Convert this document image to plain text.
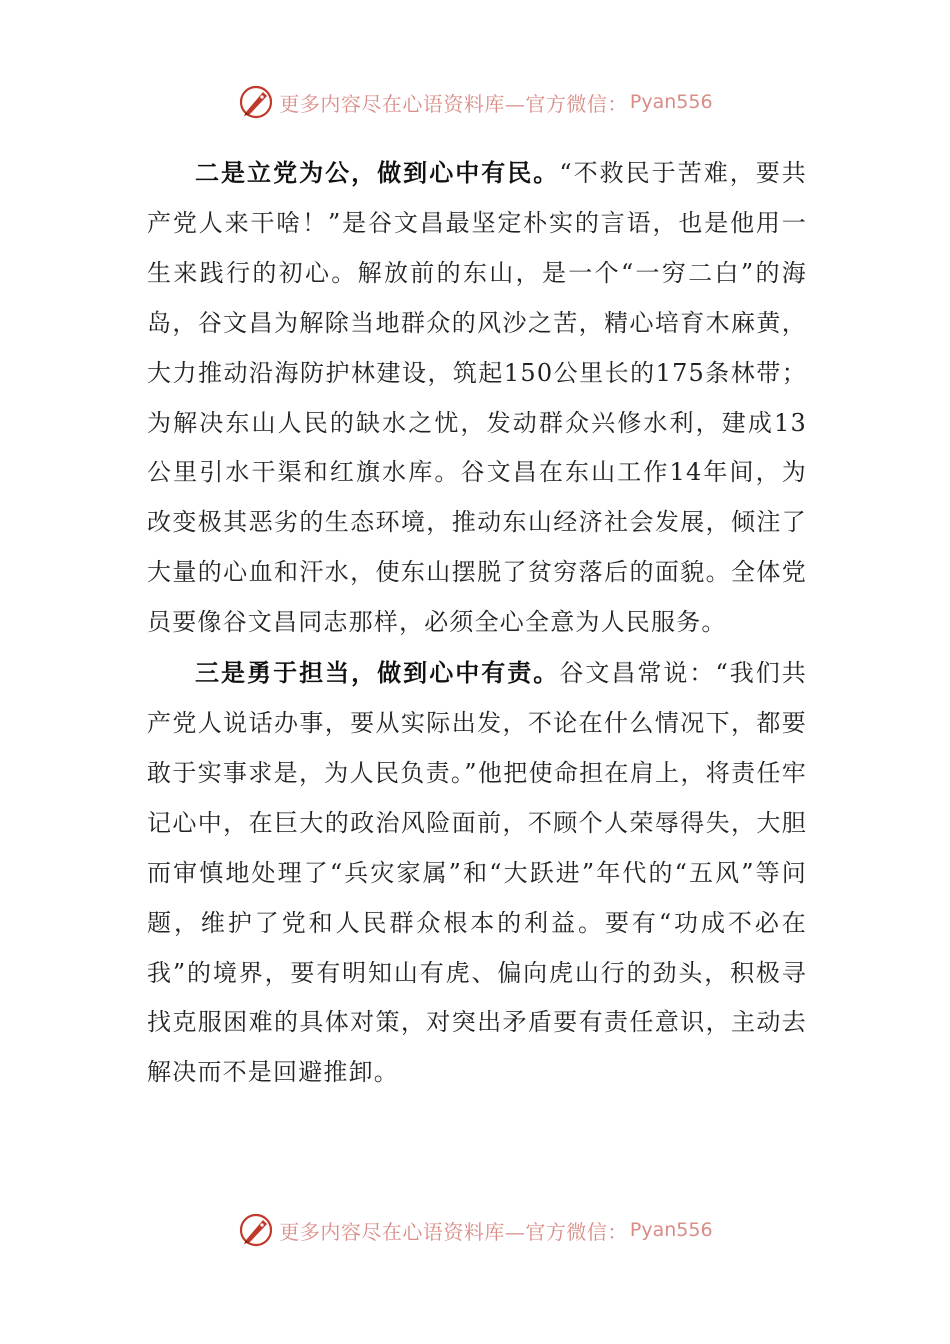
更多内容尽在心语资料库—官方微信： Pyan556

二是立党为公，做到心中有民。“不救民于苦难，要共产党人来干啥！”是谷文昌最坚定朴实的言语，也是他用一生来践行的初心。解放前的东山，是一个“一穷二白”的海岛，谷文昌为解除当地群众的风沙之苦，精心培育木麻黄，大力推动沿海防护林建设，筑起150公里长的175条林带；为解决东山人民的缺水之忧，发动群众兴修水利，建成13公里引水干渠和红旗水库。谷文昌在东山工作14年间，为改变极其恶劣的生态环境，推动东山经济社会发展，倾注了大量的心血和汗水，使东山摆脱了贫穷落后的面貌。全体党员要像谷文昌同志那样，必须全心全意为人民服务。

三是勇于担当，做到心中有责。谷文昌常说：“我们共产党人说话办事，要从实际出发，不论在什么情况下，都要敢于实事求是，为人民负责。”他把使命担在肩上，将责任牢记心中，在巨大的政治风险面前，不顾个人荣辱得失，大胆而审慎地处理了“兵灾家属”和“大跃进”年代的“五风”等问题，维护了党和人民群众根本的利益。要有“功成不必在我”的境界，要有明知山有虎、偏向虎山行的劲头，积极寻找克服困难的具体对策，对突出矛盾要有责任意识，主动去解决而不是回避推卸。

更多内容尽在心语资料库—官方微信： Pyan556
